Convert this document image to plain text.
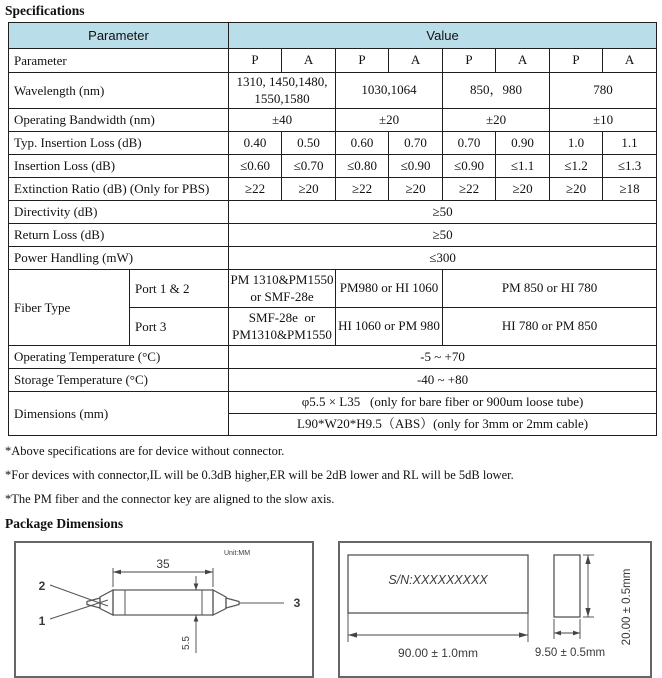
Specifications
Parameter		Value							
Parameter		P	A	P	A	P	A	P	A
Wavelength (nm)		1310, 1450,1480, 1550,1580		1030,1064		850，980		780	
Operating Bandwidth (nm)		±40		±20		±20		±10	
Typ. Insertion Loss (dB)		0.40	0.50	0.60	0.70	0.70	0.90	1.0	1.1
Insertion Loss (dB)		≤0.60	≤0.70	≤0.80	≤0.90	≤0.90	≤1.1	≤1.2	≤1.3
Extinction Ratio (dB) (Only for PBS)		≥22	≥20	≥22	≥20	≥22	≥20	≥20	≥18
Directivity (dB)		≥50							
Return Loss (dB)		≥50							
Power Handling (mW)		≤300							
Fiber Type	Port 1 & 2	PM 1310&PM1550 or SMF-28e		PM980 or HI 1060		PM 850 or HI 780			
	Port 3	SMF-28e  or PM1310&PM1550		HI 1060 or PM 980		HI 780 or PM 850			
Operating Temperature (°C)		-5 ~ +70							
Storage Temperature (°C)		-40 ~ +80							
Dimensions (mm)		φ5.5 × L35   (only for bare fiber or 900um loose tube)							
		L90*W20*H9.5（ABS）(only for 3mm or 2mm cable)							

*Above specifications are for device without connector.

*For devices with connector,IL will be 0.3dB higher,ER will be 2dB lower and RL will be 5dB lower.

*The PM fiber and the connector key are aligned to the slow axis.

Package Dimensions
Unit:MM
35
2
1
3
5.5
S/N:XXXXXXXXX
90.00 ± 1.0mm
20.00 ± 0.5mm
9.50 ± 0.5mm
